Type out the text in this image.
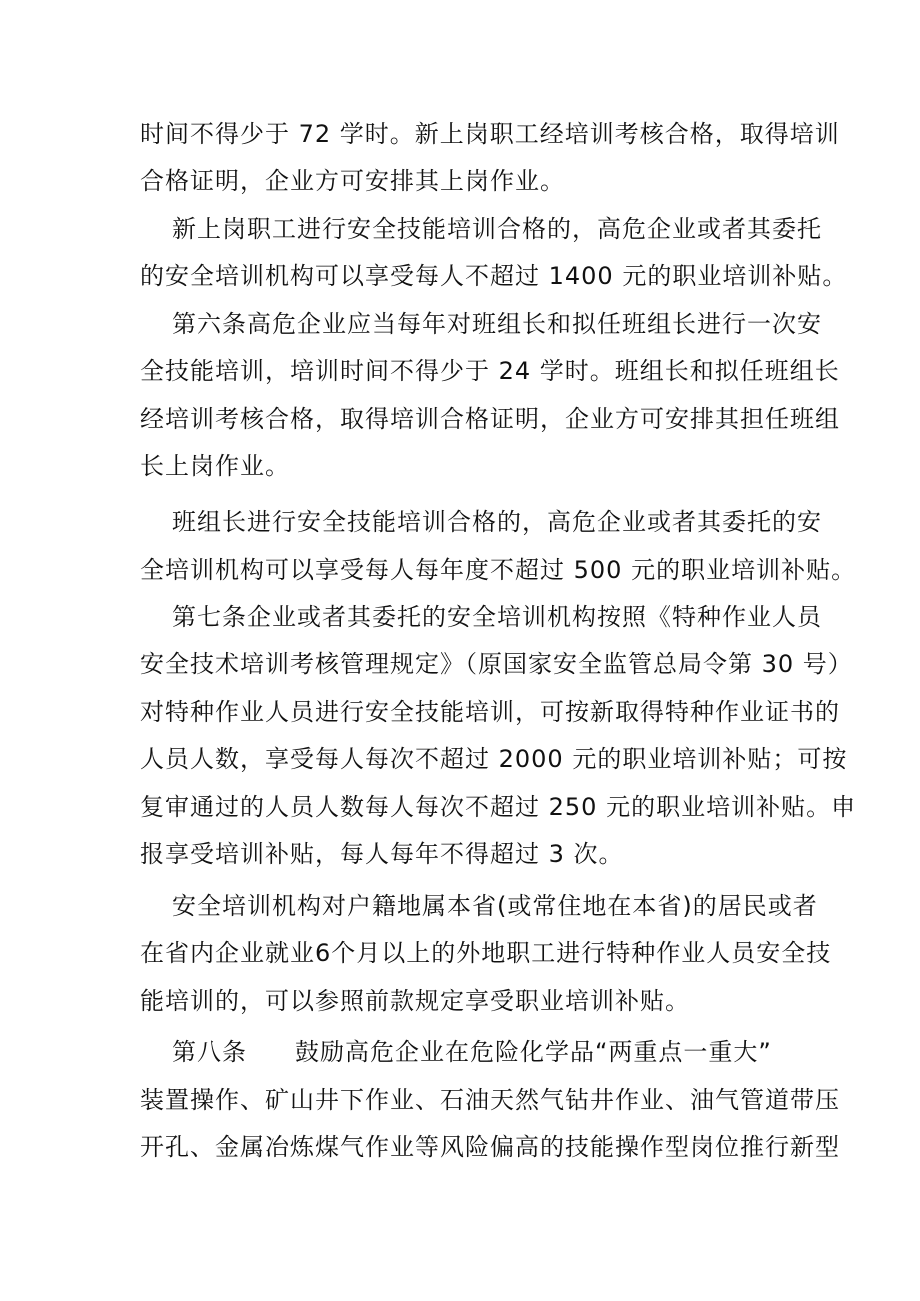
时间不得少于 72 学时。新上岗职工经培训考核合格，取得培训
合格证明，企业方可安排其上岗作业。
新上岗职工进行安全技能培训合格的，高危企业或者其委托
的安全培训机构可以享受每人不超过 1400 元的职业培训补贴。
第六条高危企业应当每年对班组长和拟任班组长进行一次安
全技能培训，培训时间不得少于 24 学时。班组长和拟任班组长
经培训考核合格，取得培训合格证明，企业方可安排其担任班组
长上岗作业。
班组长进行安全技能培训合格的，高危企业或者其委托的安
全培训机构可以享受每人每年度不超过 500 元的职业培训补贴。
第七条企业或者其委托的安全培训机构按照《特种作业人员
安全技术培训考核管理规定》（原国家安全监管总局令第 30 号）
对特种作业人员进行安全技能培训，可按新取得特种作业证书的
人员人数，享受每人每次不超过 2000 元的职业培训补贴；可按
复审通过的人员人数每人每次不超过 250 元的职业培训补贴。申
报享受培训补贴，每人每年不得超过 3 次。
安全培训机构对户籍地属本省(或常住地在本省)的居民或者
在省内企业就业6个月以上的外地职工进行特种作业人员安全技
能培训的，可以参照前款规定享受职业培训补贴。
第八条 鼓励高危企业在危险化学品“两重点一重大”
装置操作、矿山井下作业、石油天然气钻井作业、油气管道带压
开孔、金属冶炼煤气作业等风险偏高的技能操作型岗位推行新型
